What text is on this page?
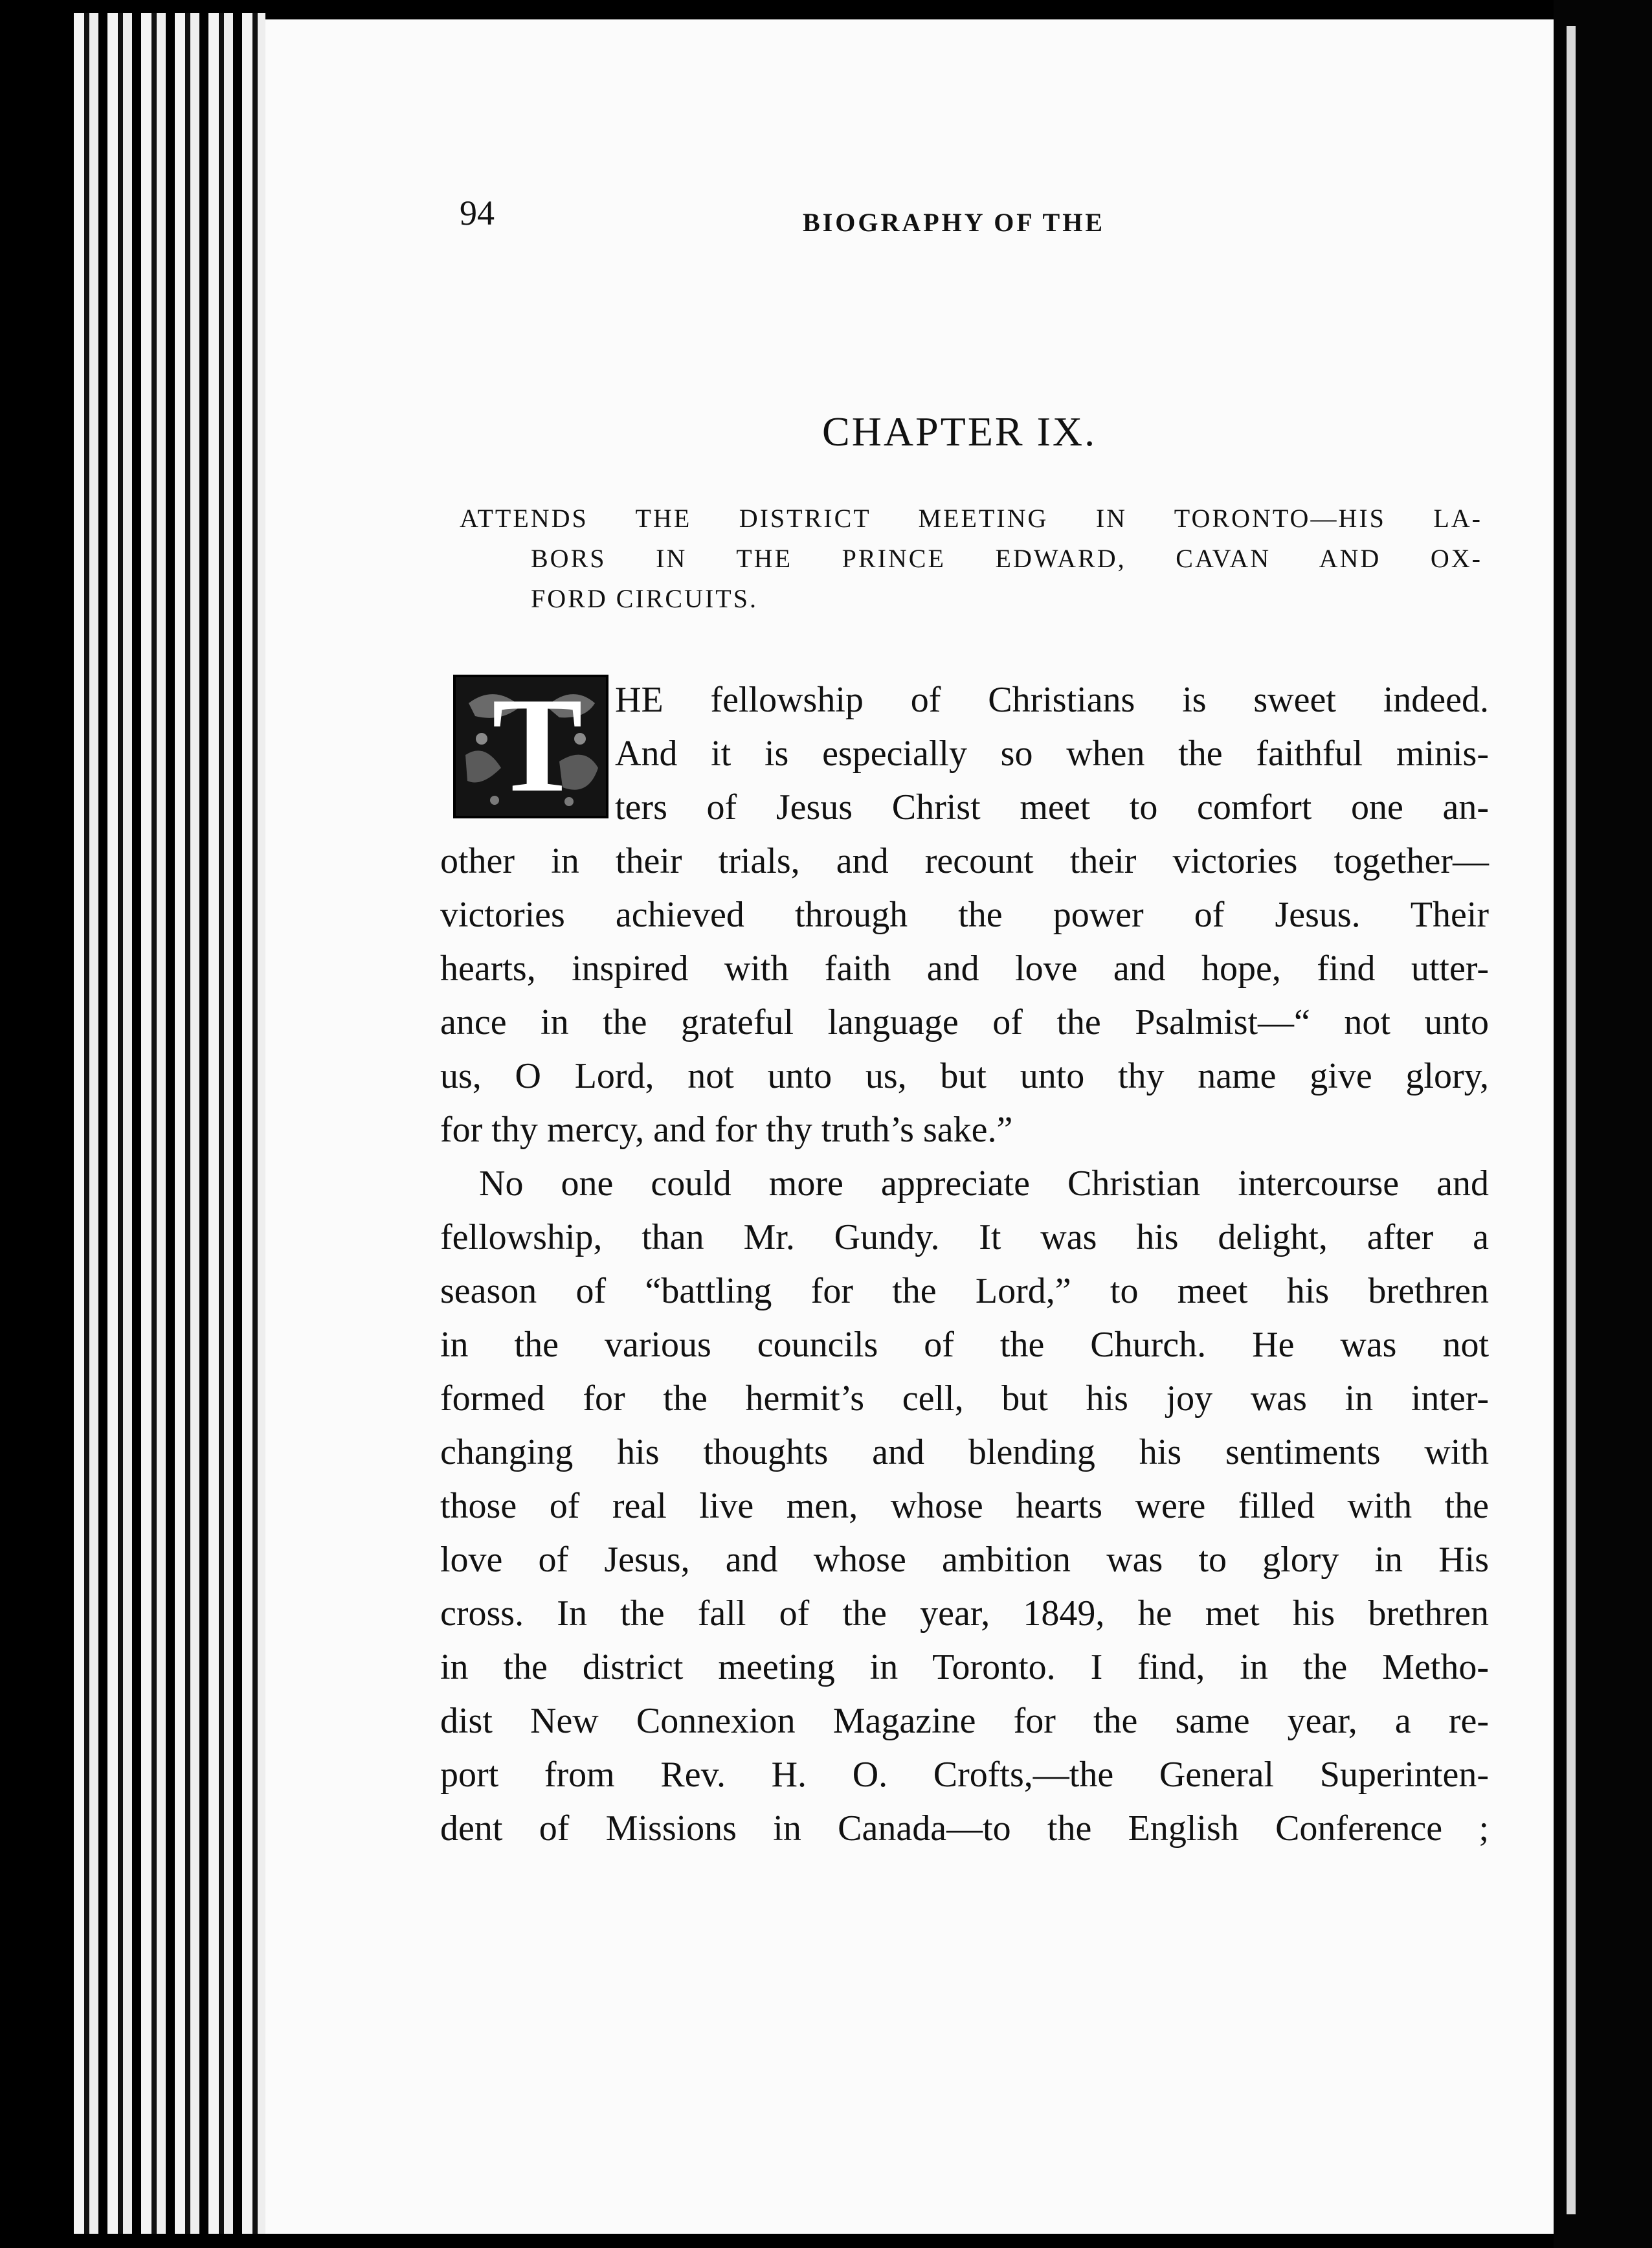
94	BIOGRAPHY OF THE
CHAPTER IX.
ATTENDS THE DISTRICT MEETING IN TORONTO—HIS LA-
BORS IN THE PRINCE EDWARD, CAVAN AND OX-
FORD CIRCUITS.
T HE fellowship of Christians is sweet indeed.
And it is especially so when the faithful minis-
ters of Jesus Christ meet to comfort one an-
other in their trials, and recount their victories together—
victories achieved through the power of Jesus. Their
hearts, inspired with faith and love and hope, find utter-
ance in the grateful language of the Psalmist—“ not unto
us, O Lord, not unto us, but unto thy name give glory,
for thy mercy, and for thy truth’s sake.”
No one could more appreciate Christian intercourse and
fellowship, than Mr. Gundy. It was his delight, after a
season of “battling for the Lord,” to meet his brethren
in the various councils of the Church. He was not
formed for the hermit’s cell, but his joy was in inter-
changing his thoughts and blending his sentiments with
those of real live men, whose hearts were filled with the
love of Jesus, and whose ambition was to glory in His
cross. In the fall of the year, 1849, he met his brethren
in the district meeting in Toronto. I find, in the Metho-
dist New Connexion Magazine for the same year, a re-
port from Rev. H. O. Crofts,—the General Superinten-
dent of Missions in Canada—to the English Conference ;
